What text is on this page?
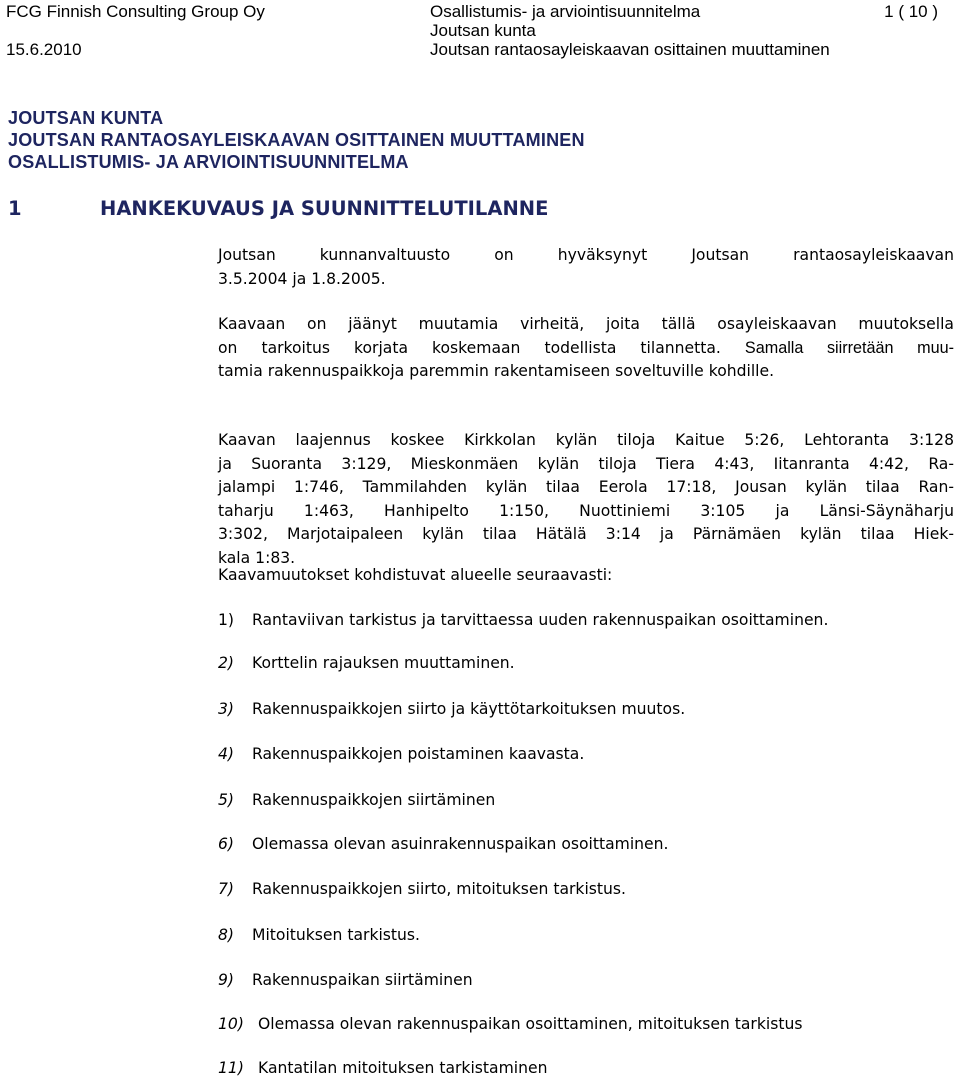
FCG Finnish Consulting Group Oy
15.6.2010
Osallistumis- ja arviointisuunnitelma
Joutsan kunta
Joutsan rantaosayleiskaavan osittainen muuttaminen
1 ( 10 )
JOUTSAN KUNTA
JOUTSAN RANTAOSAYLEISKAAVAN OSITTAINEN MUUTTAMINEN
OSALLISTUMIS- JA ARVIOINTISUUNNITELMA
1	HANKEKUVAUS JA SUUNNITTELUTILANNE
Joutsan kunnanvaltuusto on hyväksynyt Joutsan rantaosayleiskaavan
3.5.2004 ja 1.8.2005.
Kaavaan on jäänyt muutamia virheitä, joita tällä osayleiskaavan muutoksella
on tarkoitus korjata koskemaan todellista tilannetta. Samalla siirretään muu-
tamia rakennuspaikkoja paremmin rakentamiseen soveltuville kohdille.
Kaavan laajennus koskee Kirkkolan kylän tiloja Kaitue 5:26, Lehtoranta 3:128
ja Suoranta 3:129, Mieskonmäen kylän tiloja Tiera 4:43, Iitanranta 4:42, Ra-
jalampi 1:746, Tammilahden kylän tilaa Eerola 17:18, Jousan kylän tilaa Ran-
taharju 1:463, Hanhipelto 1:150, Nuottiniemi 3:105 ja Länsi-Säynäharju
3:302, Marjotaipaleen kylän tilaa Hätälä 3:14 ja Pärnämäen kylän tilaa Hiek-
kala 1:83.
Kaavamuutokset kohdistuvat alueelle seuraavasti:
1) Rantaviivan tarkistus ja tarvittaessa uuden rakennuspaikan osoittaminen.
2) Korttelin rajauksen muuttaminen.
3) Rakennuspaikkojen siirto ja käyttötarkoituksen muutos.
4) Rakennuspaikkojen poistaminen kaavasta.
5) Rakennuspaikkojen siirtäminen
6) Olemassa olevan asuinrakennuspaikan osoittaminen.
7) Rakennuspaikkojen siirto, mitoituksen tarkistus.
8) Mitoituksen tarkistus.
9) Rakennuspaikan siirtäminen
10) Olemassa olevan rakennuspaikan osoittaminen, mitoituksen tarkistus
11) Kantatilan mitoituksen tarkistaminen
